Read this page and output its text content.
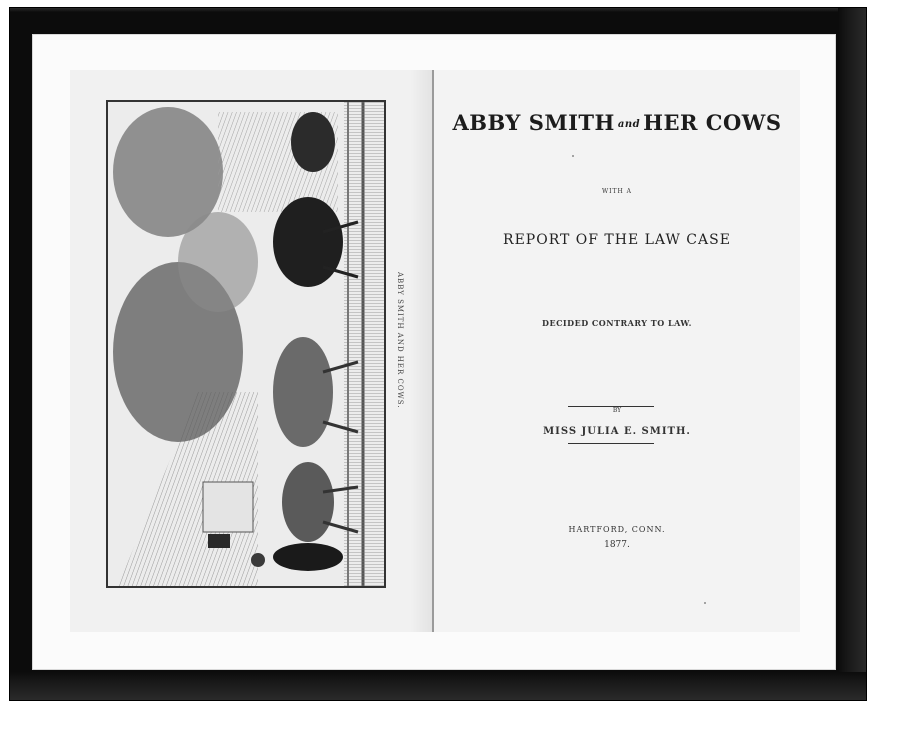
ABBY SMITH AND HER COWS.
ABBY SMITH and HER COWS
WITH A
REPORT OF THE LAW CASE
DECIDED CONTRARY TO LAW.
BY
MISS JULIA E. SMITH.
HARTFORD, CONN.
1877.
